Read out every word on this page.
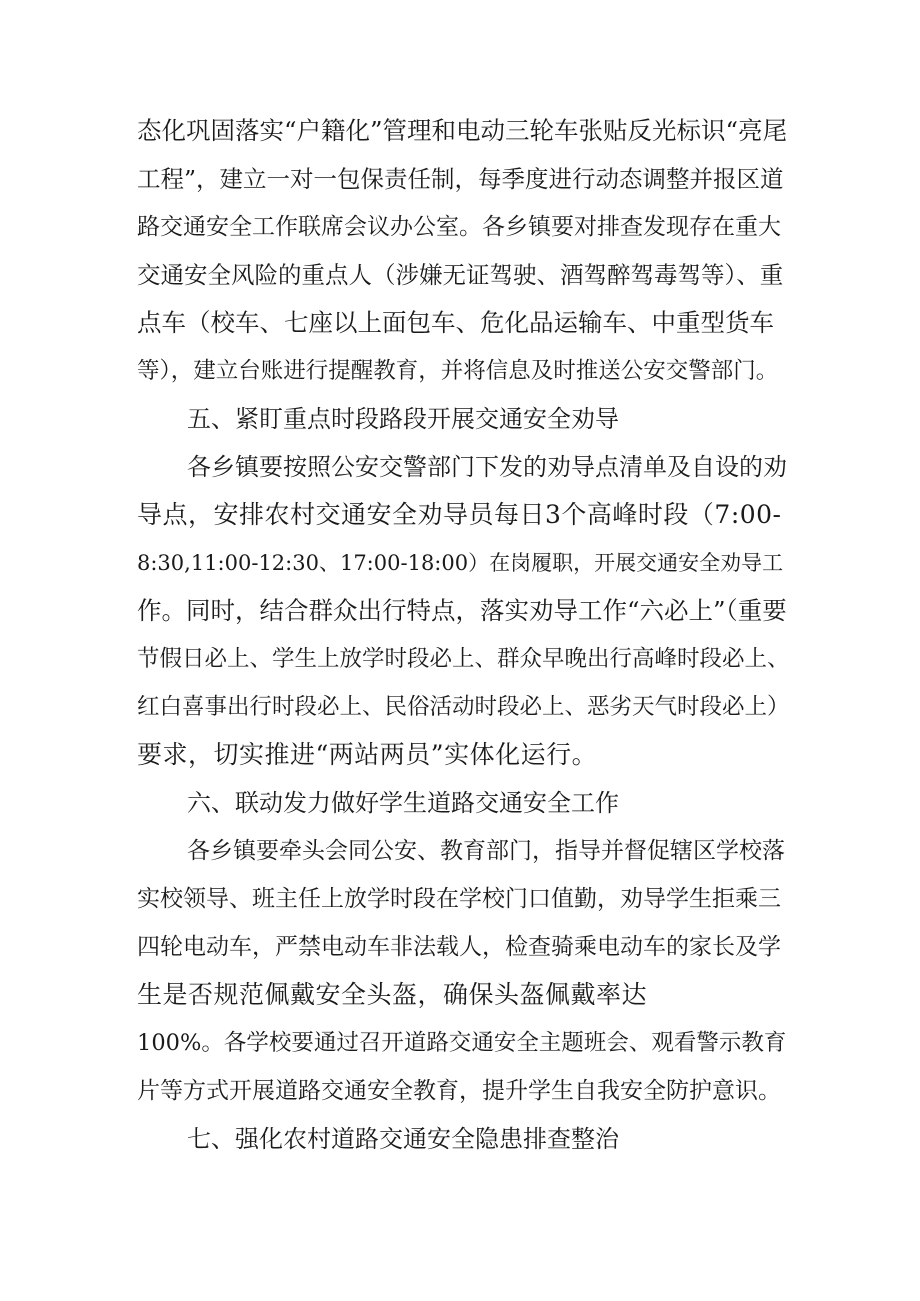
态化巩固落实“户籍化”管理和电动三轮车张贴反光标识“亮尾
工程”，建立一对一包保责任制，每季度进行动态调整并报区道
路交通安全工作联席会议办公室。各乡镇要对排查发现存在重大
交通安全风险的重点人（涉嫌无证驾驶、酒驾醉驾毒驾等）、重
点车（校车、七座以上面包车、危化品运输车、中重型货车
等），建立台账进行提醒教育，并将信息及时推送公安交警部门。
五、紧盯重点时段路段开展交通安全劝导
各乡镇要按照公安交警部门下发的劝导点清单及自设的劝
导点，安排农村交通安全劝导员每日3个高峰时段（7:00-
8:30,11:00-12:30、17:00-18:00）在岗履职，开展交通安全劝导工
作。同时，结合群众出行特点，落实劝导工作“六必上”（重要
节假日必上、学生上放学时段必上、群众早晚出行高峰时段必上、
红白喜事出行时段必上、民俗活动时段必上、恶劣天气时段必上）
要求，切实推进“两站两员”实体化运行。
六、联动发力做好学生道路交通安全工作
各乡镇要牵头会同公安、教育部门，指导并督促辖区学校落
实校领导、班主任上放学时段在学校门口值勤，劝导学生拒乘三
四轮电动车，严禁电动车非法载人，检查骑乘电动车的家长及学
生是否规范佩戴安全头盔，确保头盔佩戴率达
100%。各学校要通过召开道路交通安全主题班会、观看警示教育
片等方式开展道路交通安全教育，提升学生自我安全防护意识。
七、强化农村道路交通安全隐患排查整治
